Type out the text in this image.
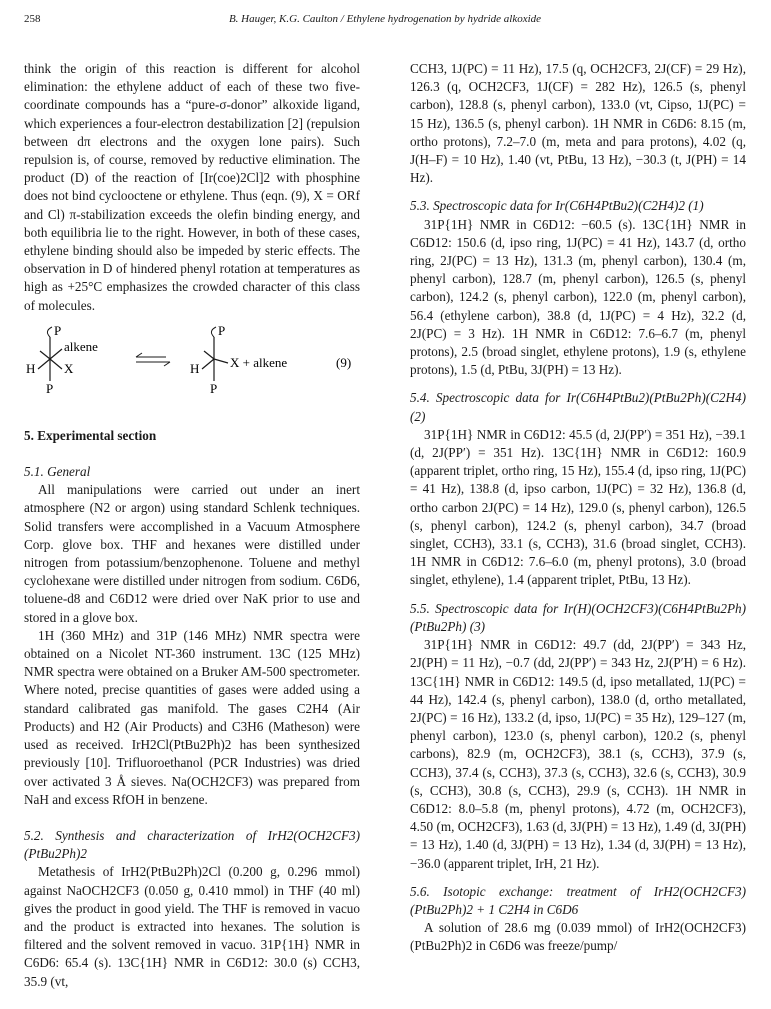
258	B. Hauger, K.G. Caulton / Ethylene hydrogenation by hydride alkoxide

think the origin of this reaction is different for alcohol elimination: the ethylene adduct of each of these two five-coordinate compounds has a “pure-σ-donor” alkoxide ligand, which experiences a four-electron destabilization [2] (repulsion between dπ electrons and the oxygen lone pairs). Such repulsion is, of course, removed by reductive elimination. The product (D) of the reaction of [Ir(coe)2Cl]2 with phosphine does not bind cyclooctene or ethylene. Thus (eqn. (9), X = ORf and Cl) π-stabilization exceeds the olefin binding energy, and both equilibria lie to the right. However, in both of these cases, ethylene binding should also be impeded by steric effects. The observation in D of hindered phenyl rotation at temperatures as high as +25°C emphasizes the crowded character of this class of molecules.

P
alkene
H X
P
P
H X + alkene
P
(9)

5. Experimental section

5.1. General

All manipulations were carried out under an inert atmosphere (N2 or argon) using standard Schlenk techniques. Solid transfers were accomplished in a Vacuum Atmosphere Corp. glove box. THF and hexanes were distilled under nitrogen from potassium/benzophenone. Toluene and methyl cyclohexane were distilled under nitrogen from sodium. C6D6, toluene-d8 and C6D12 were dried over NaK prior to use and stored in a glove box.

1H (360 MHz) and 31P (146 MHz) NMR spectra were obtained on a Nicolet NT-360 instrument. 13C (125 MHz) NMR spectra were obtained on a Bruker AM-500 spectrometer. Where noted, precise quantities of gases were added using a standard calibrated gas manifold. The gases C2H4 (Air Products) and H2 (Air Products) and C3H6 (Matheson) were used as received. IrH2Cl(PtBu2Ph)2 has been synthesized previously [10]. Trifluoroethanol (PCR Industries) was dried over activated 3 Å sieves. Na(OCH2CF3) was prepared from NaH and excess RfOH in benzene.

5.2. Synthesis and characterization of IrH2(OCH2CF3)(PtBu2Ph)2

Metathesis of IrH2(PtBu2Ph)2Cl (0.200 g, 0.296 mmol) against NaOCH2CF3 (0.050 g, 0.410 mmol) in THF (40 ml) gives the product in good yield. The THF is removed in vacuo and the product is extracted into hexanes. The solution is filtered and the solvent removed in vacuo. 31P{1H} NMR in C6D6: 65.4 (s). 13C{1H} NMR in C6D12: 30.0 (s) CCH3, 35.9 (vt,

CCH3, 1J(PC) = 11 Hz), 17.5 (q, OCH2CF3, 2J(CF) = 29 Hz), 126.3 (q, OCH2CF3, 1J(CF) = 282 Hz), 126.5 (s, phenyl carbon), 128.8 (s, phenyl carbon), 133.0 (vt, Cipso, 1J(PC) = 15 Hz), 136.5 (s, phenyl carbon). 1H NMR in C6D6: 8.15 (m, ortho protons), 7.2–7.0 (m, meta and para protons), 4.02 (q, J(H–F) = 10 Hz), 1.40 (vt, PtBu, 13 Hz), −30.3 (t, J(PH) = 14 Hz).

5.3. Spectroscopic data for Ir(C6H4PtBu2)(C2H4)2 (1)

31P{1H} NMR in C6D12: −60.5 (s). 13C{1H} NMR in C6D12: 150.6 (d, ipso ring, 1J(PC) = 41 Hz), 143.7 (d, ortho ring, 2J(PC) = 13 Hz), 131.3 (m, phenyl carbon), 130.4 (m, phenyl carbon), 128.7 (m, phenyl carbon), 126.5 (s, phenyl carbon), 124.2 (s, phenyl carbon), 122.0 (m, phenyl carbon), 56.4 (ethylene carbon), 38.8 (d, 1J(PC) = 4 Hz), 32.2 (d, 2J(PC) = 3 Hz). 1H NMR in C6D12: 7.6–6.7 (m, phenyl protons), 2.5 (broad singlet, ethylene protons), 1.9 (s, ethylene protons), 1.5 (d, PtBu, 3J(PH) = 13 Hz).

5.4. Spectroscopic data for Ir(C6H4PtBu2)(PtBu2Ph)(C2H4) (2)

31P{1H} NMR in C6D12: 45.5 (d, 2J(PP′) = 351 Hz), −39.1 (d, 2J(PP′) = 351 Hz). 13C{1H} NMR in C6D12: 160.9 (apparent triplet, ortho ring, 15 Hz), 155.4 (d, ipso ring, 1J(PC) = 41 Hz), 138.8 (d, ipso carbon, 1J(PC) = 32 Hz), 136.8 (d, ortho carbon 2J(PC) = 14 Hz), 129.0 (s, phenyl carbon), 126.5 (s, phenyl carbon), 124.2 (s, phenyl carbon), 34.7 (broad singlet, CCH3), 33.1 (s, CCH3), 31.6 (broad singlet, CCH3). 1H NMR in C6D12: 7.6–6.0 (m, phenyl protons), 3.0 (broad singlet, ethylene), 1.4 (apparent triplet, PtBu, 13 Hz).

5.5. Spectroscopic data for Ir(H)(OCH2CF3)(C6H4PtBu2Ph)(PtBu2Ph) (3)

31P{1H} NMR in C6D12: 49.7 (dd, 2J(PP′) = 343 Hz, 2J(PH) = 11 Hz), −0.7 (dd, 2J(PP′) = 343 Hz, 2J(P′H) = 6 Hz). 13C{1H} NMR in C6D12: 149.5 (d, ipso metallated, 1J(PC) = 44 Hz), 142.4 (s, phenyl carbon), 138.0 (d, ortho metallated, 2J(PC) = 16 Hz), 133.2 (d, ipso, 1J(PC) = 35 Hz), 129–127 (m, phenyl carbon), 123.0 (s, phenyl carbon), 120.2 (s, phenyl carbons), 82.9 (m, OCH2CF3), 38.1 (s, CCH3), 37.9 (s, CCH3), 37.4 (s, CCH3), 37.3 (s, CCH3), 32.6 (s, CCH3), 30.9 (s, CCH3), 30.8 (s, CCH3), 29.9 (s, CCH3). 1H NMR in C6D12: 8.0–5.8 (m, phenyl protons), 4.72 (m, OCH2CF3), 4.50 (m, OCH2CF3), 1.63 (d, 3J(PH) = 13 Hz), 1.49 (d, 3J(PH) = 13 Hz), 1.40 (d, 3J(PH) = 13 Hz), 1.34 (d, 3J(PH) = 13 Hz), −36.0 (apparent triplet, IrH, 21 Hz).

5.6. Isotopic exchange: treatment of IrH2(OCH2CF3)(PtBu2Ph)2 + 1 C2H4 in C6D6

A solution of 28.6 mg (0.039 mmol) of IrH2(OCH2CF3)(PtBu2Ph)2 in C6D6 was freeze/pump/
